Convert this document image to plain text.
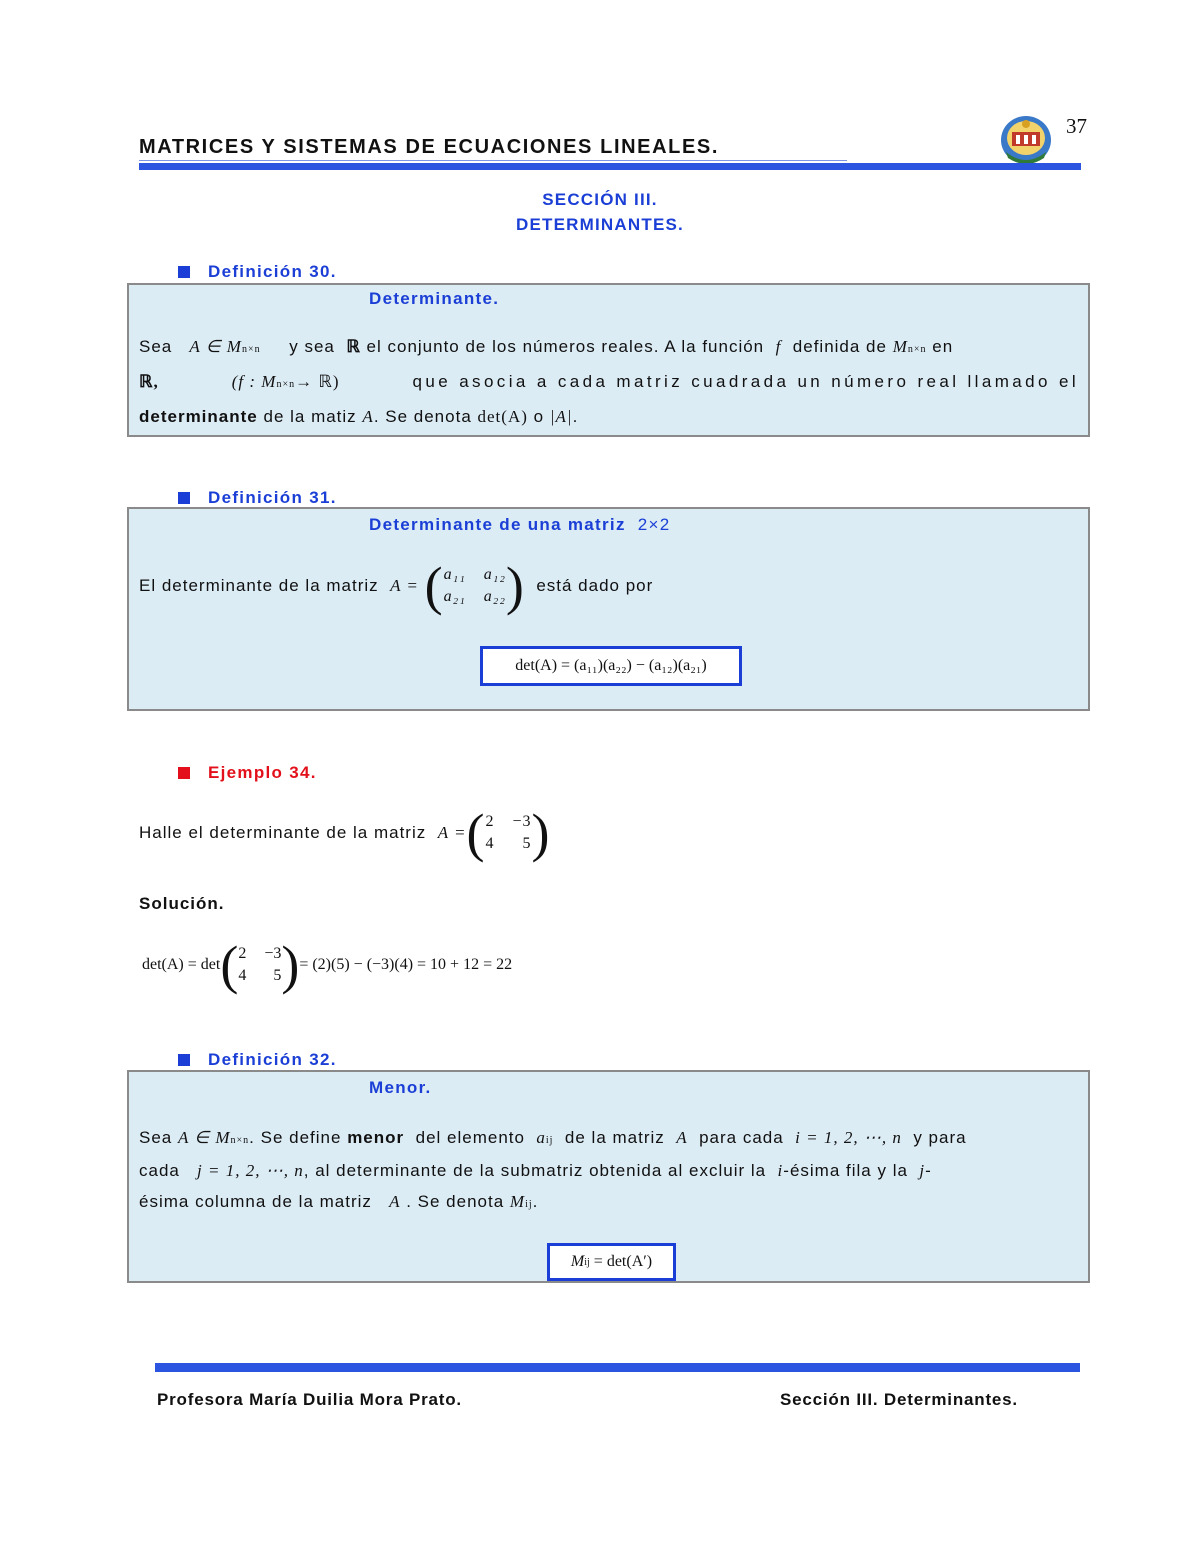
MATRICES Y SISTEMAS DE ECUACIONES LINEALES.
37
SECCIÓN III.
DETERMINANTES.
Definición 30.
Determinante.
Sea A ∈ Mn×n y sea ℝ el conjunto de los números reales. A la función f definida de Mn×n en
ℝ,	(f : Mn×n→ ℝ)	que asocia a cada matriz cuadrada un número real llamado el
determinante de la matiz A. Se denota det(A) o |A|.
Definición 31.
Determinante de una matriz 2×2
El determinante de la matriz
A =
( a₁₁ a₁₂
a₂₁ a₂₂ )
está dado por
det(A) = (a₁₁)(a₂₂) − (a₁₂)(a₂₁)
Ejemplo 34.
Halle el determinante de la matriz
A = ( 2 −3
4	5 )
Solución.
det(A) = det ( 2 −3
4	5 ) = (2)(5) − (−3)(4) = 10 + 12 = 22
Definición 32.
Menor.
Sea A ∈ Mn×n. Se define menor del elemento aij de la matriz A para cada i = 1, 2, ⋯, n y para
cada j = 1, 2, ⋯, n, al determinante de la submatriz obtenida al excluir la i-ésima fila y la j-
ésima columna de la matriz A . Se denota Mij.
M ij
= det(A′)
Profesora María Duilia Mora Prato.	Sección III. Determinantes.
